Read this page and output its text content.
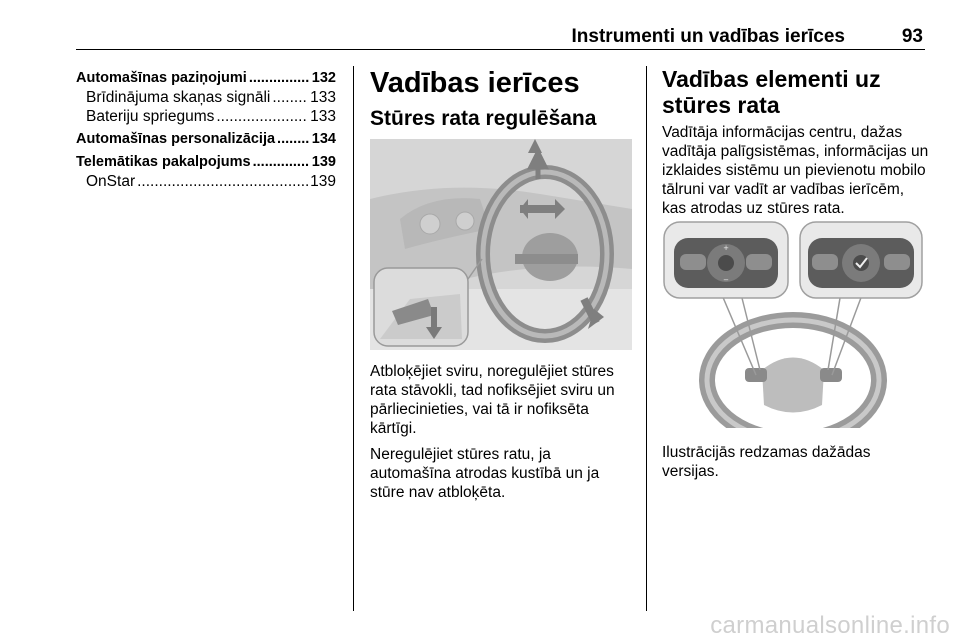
Instrumenti un vadības ierīces	93
Automašīnas paziņojumi .....	132
Brīdinājuma skaņas signāli .....	133
Bateriju spriegums .....	133
Automašīnas personalizācija .....	134
Telemātikas pakalpojums .....	139
OnStar .....	139
Vadības ierīces
Stūres rata regulēšana

Atbloķējiet sviru, noregulējiet stūres rata stāvokli, tad nofiksējiet sviru un pārliecinieties, vai tā ir nofiksēta kārtīgi.

Neregulējiet stūres ratu, ja automašīna atrodas kustībā un ja stūre nav atbloķēta.

Vadības elementi uz stūres rata

Vadītāja informācijas centru, dažas vadītāja palīgsistēmas, informācijas un izklaides sistēmu un pievienotu mobilo tālruni var vadīt ar vadības ierīcēm, kas atrodas uz stūres rata.

+
−
Ilustrācijās redzamas dažādas versijas.
carmanualsonline.info
